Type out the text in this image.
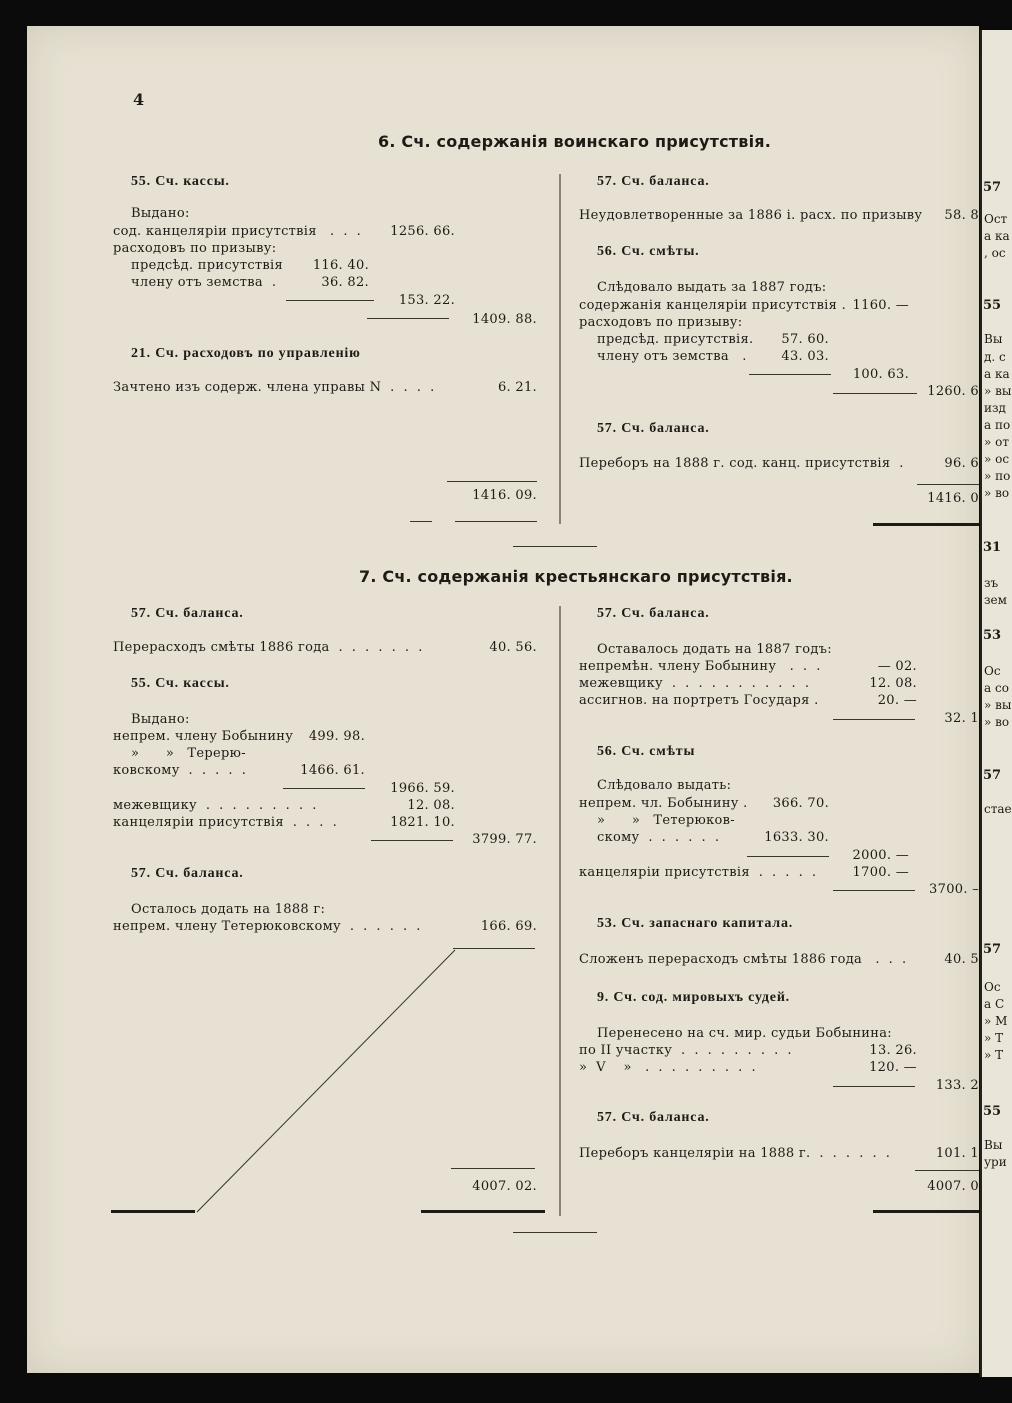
4
6. Сч. содержанія воинскаго присутствія.
55. Сч. кассы.
Выдано:
сод. канцеляріи присутствія   .  .  .	1256. 66.
расходовъ по призыву:
предсѣд. присутствія	116. 40.
члену отъ земства  .	36. 82.
153. 22.
1409. 88.
21. Сч. расходовъ по управленію
Зачтено изъ содерж. члена управы N  .  .  .  .	6. 21.
1416. 09.
57. Сч. баланса.
Неудовлетворенные за 1886 і. расх. по призыву	58. 8
56. Сч. смѣты.
Слѣдовало выдать за 1887 годъ:
содержанія канцеляріи присутствія . 1160. —
расходовъ по призыву:
предсѣд. присутствія.	57. 60.
члену отъ земства   .	43. 03.
100. 63.
1260. 6
57. Сч. баланса.
Переборъ на 1888 г. сод. канц. присутствія  .	96. 6
1416. 0
7. Сч. содержанія крестьянскаго присутствія.
57. Сч. баланса.
Перерасходъ смѣты 1886 года  .  .  .  .  .  .  .	40. 56.
55. Сч. кассы.
Выдано:
непрем. члену Бобынину	499. 98.
»      »   Терерю-
ковскому  .  .  .  .  .	1466. 61.
1966. 59.
межевщику  .  .  .  .  .  .  .  .  .	12. 08.
канцеляріи присутствія  .  .  .  .	1821. 10.
3799. 77.
57. Сч. баланса.
Осталось додать на 1888 г:
непрем. члену Тетерюковскому  .  .  .  .  .  .	166. 69.
4007. 02.
57. Сч. баланса.
Оставалось додать на 1887 годъ:
непремѣн. члену Бобынину   .  .  .	— 02.
межевщику  .  .  .  .  .  .  .  .  .  .  .	12. 08.
ассигнов. на портретъ Государя .	20. —
32. 1
56. Сч. смѣты
Слѣдовало выдать:
непрем. чл. Бобынину .	366. 70.
»      »   Тетерюков-
скому  .  .  .  .  .  .	1633. 30.
2000. —
канцеляріи присутствія  .  .  .  .  .	1700. —
3700. –
53. Сч. запаснаго капитала.
Сложенъ перерасходъ смѣты 1886 года   .  .  .	40. 5
9. Сч. сод. мировыхъ судей.
Перенесено на сч. мир. судьи Бобынина:
по II участку  .  .  .  .  .  .  .  .  .	13. 26.
»  V    »   .  .  .  .  .  .  .  .  .	120. —
133. 2
57. Сч. баланса.
Переборъ канцеляріи на 1888 г.  .  .  .  .  .  .	101. 1
4007. 0
57
Ост
а ка
, ос
55
Вы
д. с
а ка
» вы
изд
а по
» от
» ос
» по
» во
31
зъ
зем
53
Ос
а со
» вы
» во
57
стае
57
Ос
а С
» М
» Т
» Т
55
Вы
ури
